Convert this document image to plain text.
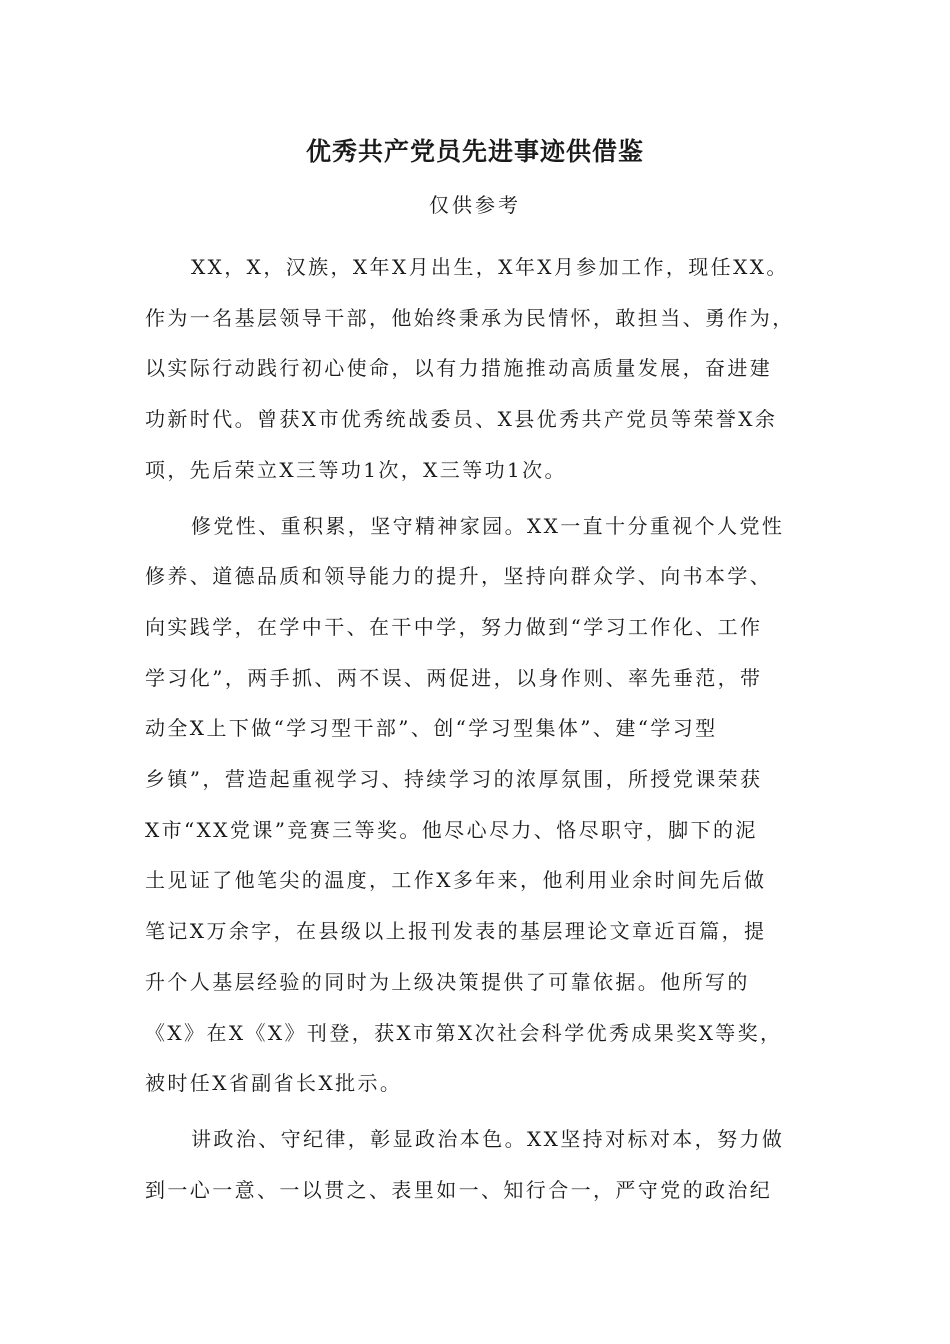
优秀共产党员先进事迹供借鉴
仅供参考
XX，X，汉族，X年X月出生，X年X月参加工作，现任XX。
作为一名基层领导干部，他始终秉承为民情怀，敢担当、勇作为，
以实际行动践行初心使命，以有力措施推动高质量发展，奋进建
功新时代。曾获X市优秀统战委员、X县优秀共产党员等荣誉X余
项，先后荣立X三等功1次，X三等功1次。
修党性、重积累，坚守精神家园。XX一直十分重视个人党性
修养、道德品质和领导能力的提升，坚持向群众学、向书本学、
向实践学，在学中干、在干中学，努力做到“学习工作化、工作
学习化”，两手抓、两不误、两促进，以身作则、率先垂范，带
动全X上下做“学习型干部”、创“学习型集体”、建“学习型
乡镇”，营造起重视学习、持续学习的浓厚氛围，所授党课荣获
X市“XX党课”竞赛三等奖。他尽心尽力、恪尽职守，脚下的泥
土见证了他笔尖的温度，工作X多年来，他利用业余时间先后做
笔记X万余字，在县级以上报刊发表的基层理论文章近百篇，提
升个人基层经验的同时为上级决策提供了可靠依据。他所写的
《X》在X《X》刊登，获X市第X次社会科学优秀成果奖X等奖，
被时任X省副省长X批示。
讲政治、守纪律，彰显政治本色。XX坚持对标对本，努力做
到一心一意、一以贯之、表里如一、知行合一，严守党的政治纪
